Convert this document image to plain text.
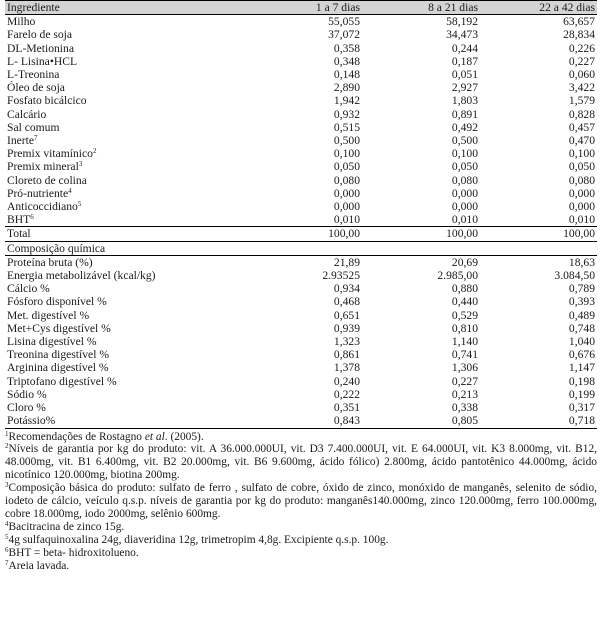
Ingrediente	1 a 7 dias	8 a 21 dias	22 a 42 dias
Milho	55,055	58,192	63,657
Farelo de soja	37,072	34,473	28,834
DL-Metionina	0,358	0,244	0,226
L- Lisina•HCL	0,348	0,187	0,227
L-Treonina	0,148	0,051	0,060
Óleo de soja	2,890	2,927	3,422
Fosfato bicálcico	1,942	1,803	1,579
Calcário	0,932	0,891	0,828
Sal comum	0,515	0,492	0,457
Inerte$^7$	0,500	0,500	0,470
Premix vitamínico$^2$	0,100	0,100	0,100
Premix mineral$^3$	0,050	0,050	0,050
Cloreto de colina	0,080	0,080	0,080
Pró-nutriente$^4$	0,000	0,000	0,000
Anticoccidiano$^5$	0,000	0,000	0,000
BHT$^6$	0,010	0,010	0,010
Total	100,00	100,00	100,00
Composição química			
Proteína bruta (%)	21,89	20,69	18,63
Energia metabolizável (kcal/kg)	2.93525	2.985,00	3.084,50
Cálcio %	0,934	0,880	0,789
Fósforo disponível %	0,468	0,440	0,393
Met. digestível %	0,651	0,529	0,489
Met+Cys digestível %	0,939	0,810	0,748
Lisina digestível %	1,323	1,140	1,040
Treonina digestível %	0,861	0,741	0,676
Arginina digestível %	1,378	1,306	1,147
Triptofano digestível %	0,240	0,227	0,198
Sódio %	0,222	0,213	0,199
Cloro %	0,351	0,338	0,317
Potássio%	0,843	0,805	0,718

$^1$Recomendações de Rostagno et al. (2005).

$^2$Níveis de garantia por kg do produto: vit. A 36.000.000UI, vit. D3 7.400.000UI, vit. E 64.000UI, vit. K3 8.000mg, vit. B12, 48.000mg, vit. B1 6.400mg, vit. B2 20.000mg, vit. B6 9.600mg, ácido fólico) 2.800mg, ácido pantotênico 44.000mg, ácido nicotínico 120.000mg, biotina 200mg.

$^3$Composição básica do produto: sulfato de ferro , sulfato de cobre, óxido de zinco, monóxido de manganês, selenito de sódio, iodeto de cálcio, veículo q.s.p. níveis de garantia por kg do produto: manganês140.000mg, zinco 120.000mg, ferro 100.000mg, cobre 18.000mg, iodo 2000mg, selênio 600mg.

$^4$Bacitracina de zinco 15g.

$^5$4g sulfaquinoxalina 24g, diaveridina 12g, trimetropim 4,8g. Excipiente q.s.p. 100g.

$^6$BHT = beta- hidroxitolueno.

$^7$Areia lavada.
